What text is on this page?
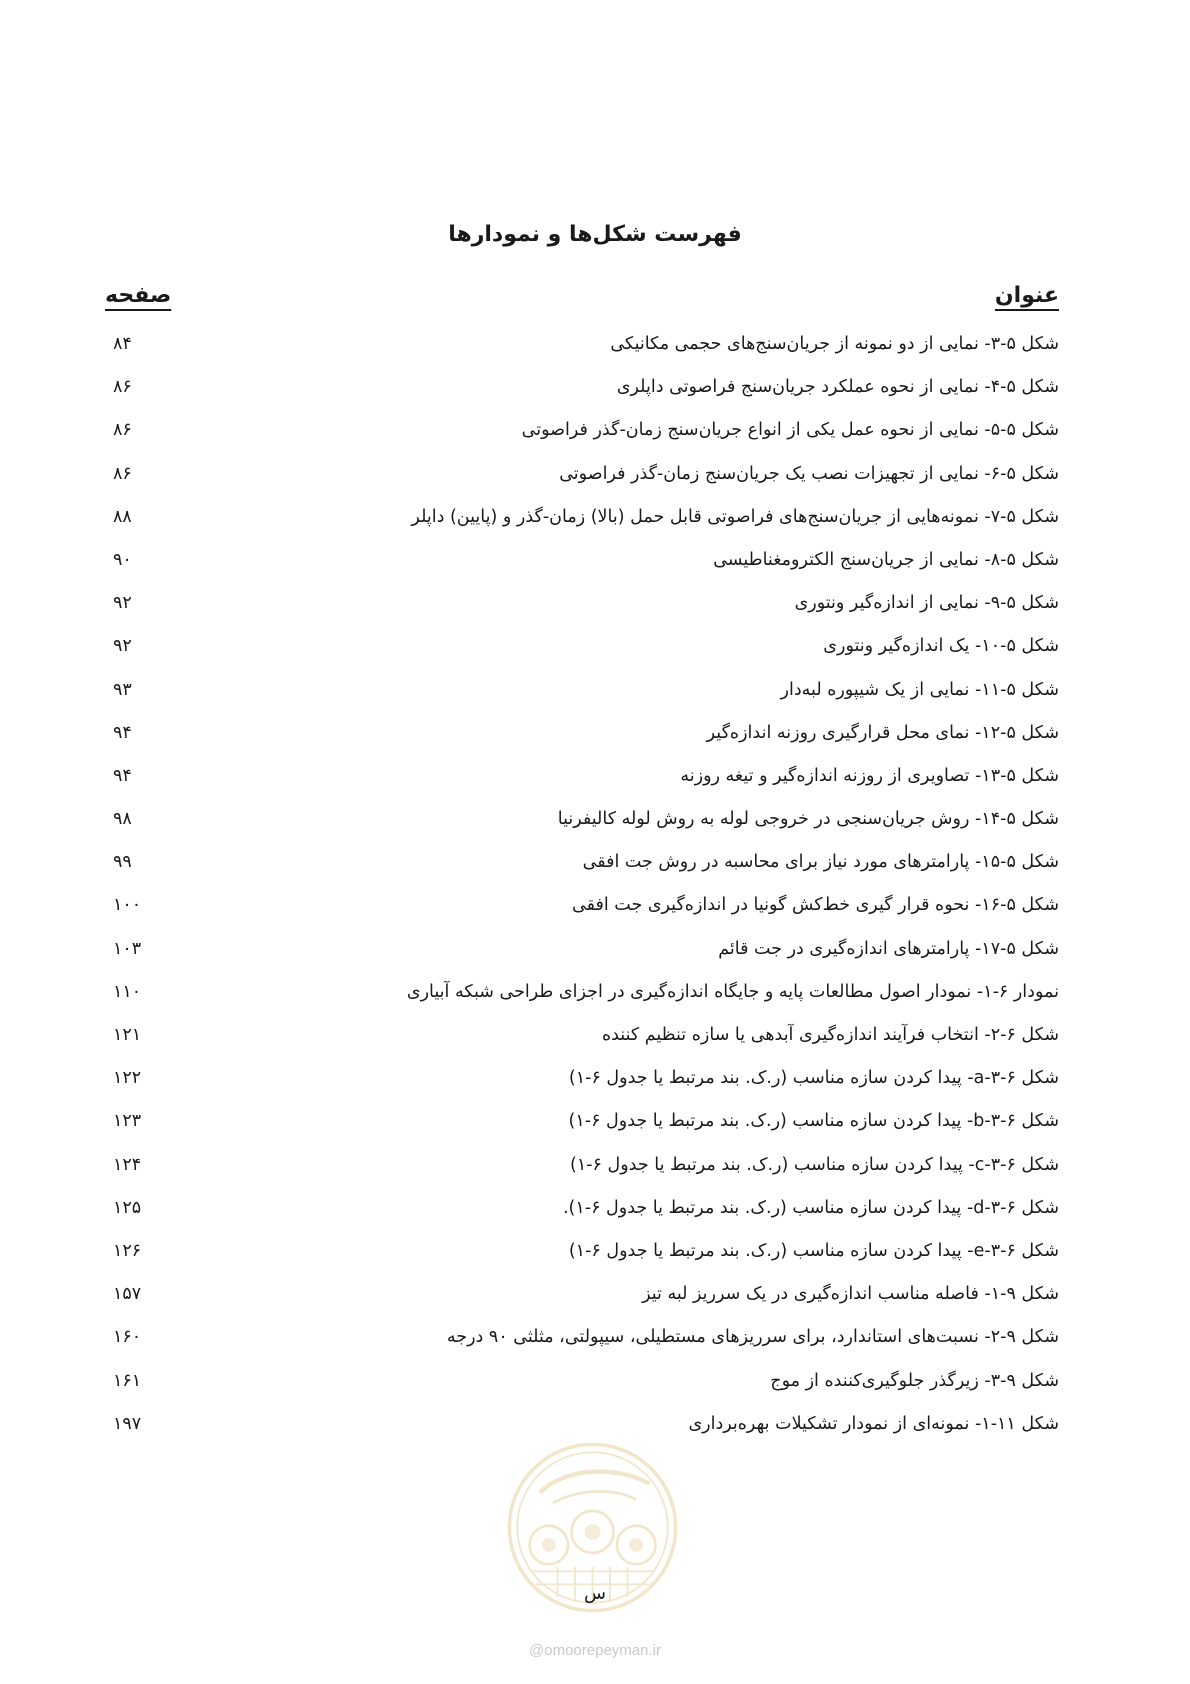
فهرست شکل‌ها و نمودارها
عنوان
صفحه
شکل ۵-۳- نمایی از دو نمونه از جریان‌سنج‌های حجمی مکانیکی
۸۴
شکل ۵-۴- نمایی از نحوه عملکرد جریان‌سنج فراصوتی داپلری
۸۶
شکل ۵-۵- نمایی از نحوه عمل یکی از انواع جریان‌سنج زمان-گذر فراصوتی
۸۶
شکل ۵-۶- نمایی از تجهیزات نصب یک جریان‌سنج زمان-گذر فراصوتی
۸۶
شکل ۵-۷- نمونه‌هایی از جریان‌سنج‌های فراصوتی قابل حمل (بالا) زمان-گذر و (پایین) داپلر
۸۸
شکل ۵-۸- نمایی از جریان‌سنج الکترومغناطیسی
۹۰
شکل ۵-۹- نمایی از اندازه‌گیر ونتوری
۹۲
شکل ۵-۱۰- یک اندازه‌گیر ونتوری
۹۲
شکل ۵-۱۱- نمایی از یک شیپوره لبه‌دار
۹۳
شکل ۵-۱۲- نمای محل قرارگیری روزنه اندازه‌گیر
۹۴
شکل ۵-۱۳- تصاویری از روزنه اندازه‌گیر و تیغه روزنه
۹۴
شکل ۵-۱۴- روش جریان‌سنجی در خروجی لوله به روش لوله کالیفرنیا
۹۸
شکل ۵-۱۵- پارامترهای مورد نیاز برای محاسبه در روش جت افقی
۹۹
شکل ۵-۱۶- نحوه قرار گیری خط‌کش گونیا در اندازه‌گیری جت افقی
۱۰۰
شکل ۵-۱۷- پارامترهای اندازه‌گیری در جت قائم
۱۰۳
نمودار ۶-۱- نمودار اصول مطالعات پایه و جایگاه اندازه‌گیری در اجزای طراحی شبکه آبیاری
۱۱۰
شکل ۶-۲- انتخاب فرآیند اندازه‌گیری آبدهی یا سازه تنظیم کننده
۱۲۱
شکل ۶-۳-a- پیدا کردن سازه مناسب (ر.ک. بند مرتبط یا جدول ۶-۱)
۱۲۲
شکل ۶-۳-b- پیدا کردن سازه مناسب (ر.ک. بند مرتبط یا جدول ۶-۱)
۱۲۳
شکل ۶-۳-c- پیدا کردن سازه مناسب (ر.ک. بند مرتبط یا جدول ۶-۱)
۱۲۴
شکل ۶-۳-d- پیدا کردن سازه مناسب (ر.ک. بند مرتبط یا جدول ۶-۱).
۱۲۵
شکل ۶-۳-e- پیدا کردن سازه مناسب (ر.ک. بند مرتبط یا جدول ۶-۱)
۱۲۶
شکل ۹-۱- فاصله مناسب اندازه‌گیری در یک سرریز لبه تیز
۱۵۷
شکل ۹-۲- نسبت‌های استاندارد، برای سرریزهای مستطیلی، سیپولتی، مثلثی ۹۰ درجه
۱۶۰
شکل ۹-۳- زیرگذر جلوگیری‌کننده از موج
۱۶۱
شکل ۱۱-۱- نمونه‌ای از نمودار تشکیلات بهره‌برداری
۱۹۷
س
@omoorepeyman.ir
